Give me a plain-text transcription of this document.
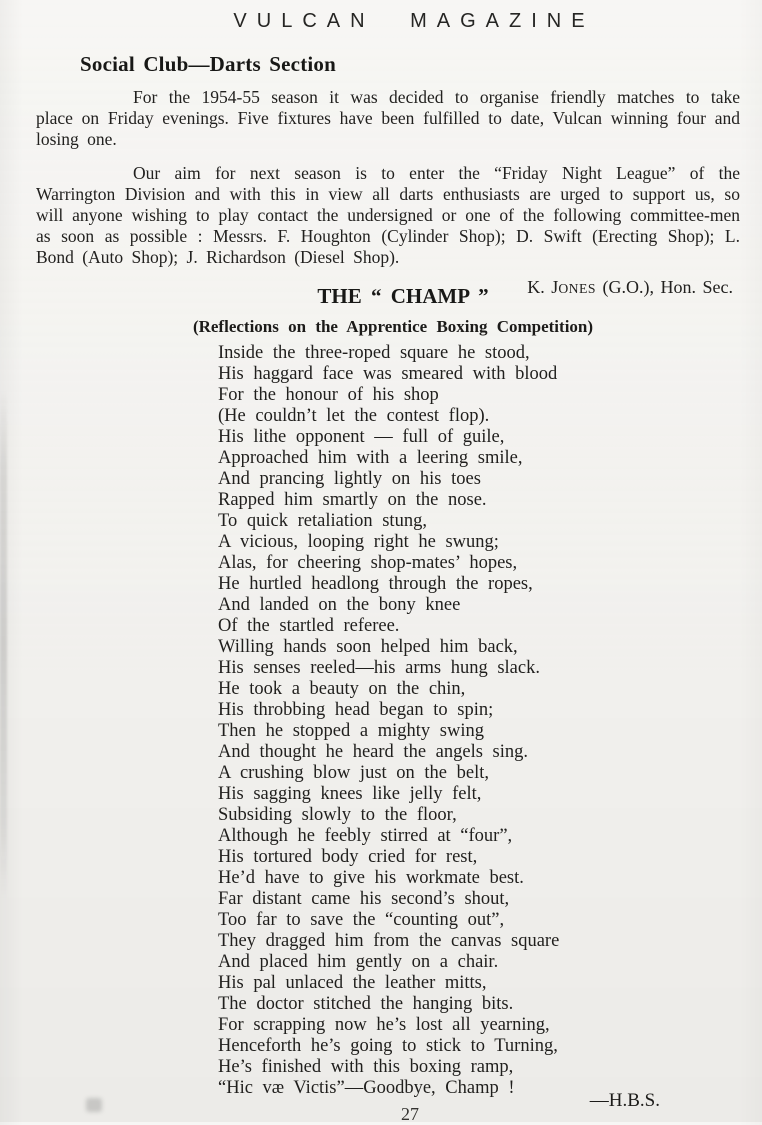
VULCAN MAGAZINE
Social Club—Darts Section

For the 1954-55 season it was decided to organise friendly matches to take place on Friday evenings. Five fixtures have been fulfilled to date, Vulcan winning four and losing one.

Our aim for next season is to enter the “Friday Night League” of the Warrington Division and with this in view all darts enthusiasts are urged to support us, so will anyone wishing to play contact the undersigned or one of the following committee-men as soon as possible : Messrs. F. Houghton (Cylinder Shop); D. Swift (Erecting Shop); L. Bond (Auto Shop); J. Richardson (Diesel Shop).

K. JONES (G.O.), Hon. Sec.

THE “ CHAMP ”
(Reflections on the Apprentice Boxing Competition)
Inside the three-roped square he stood,
His haggard face was smeared with blood
For the honour of his shop
(He couldn’t let the contest flop).
His lithe opponent — full of guile,
Approached him with a leering smile,
And prancing lightly on his toes
Rapped him smartly on the nose.
To quick retaliation stung,
A vicious, looping right he swung;
Alas, for cheering shop-mates’ hopes,
He hurtled headlong through the ropes,
And landed on the bony knee
Of the startled referee.
Willing hands soon helped him back,
His senses reeled—his arms hung slack.
He took a beauty on the chin,
His throbbing head began to spin;
Then he stopped a mighty swing
And thought he heard the angels sing.
A crushing blow just on the belt,
His sagging knees like jelly felt,
Subsiding slowly to the floor,
Although he feebly stirred at “four”,
His tortured body cried for rest,
He’d have to give his workmate best.
Far distant came his second’s shout,
Too far to save the “counting out”,
They dragged him from the canvas square
And placed him gently on a chair.
His pal unlaced the leather mitts,
The doctor stitched the hanging bits.
For scrapping now he’s lost all yearning,
Henceforth he’s going to stick to Turning,
He’s finished with this boxing ramp,
“Hic væ Victis”—Goodbye, Champ !
—H.B.S.
27
